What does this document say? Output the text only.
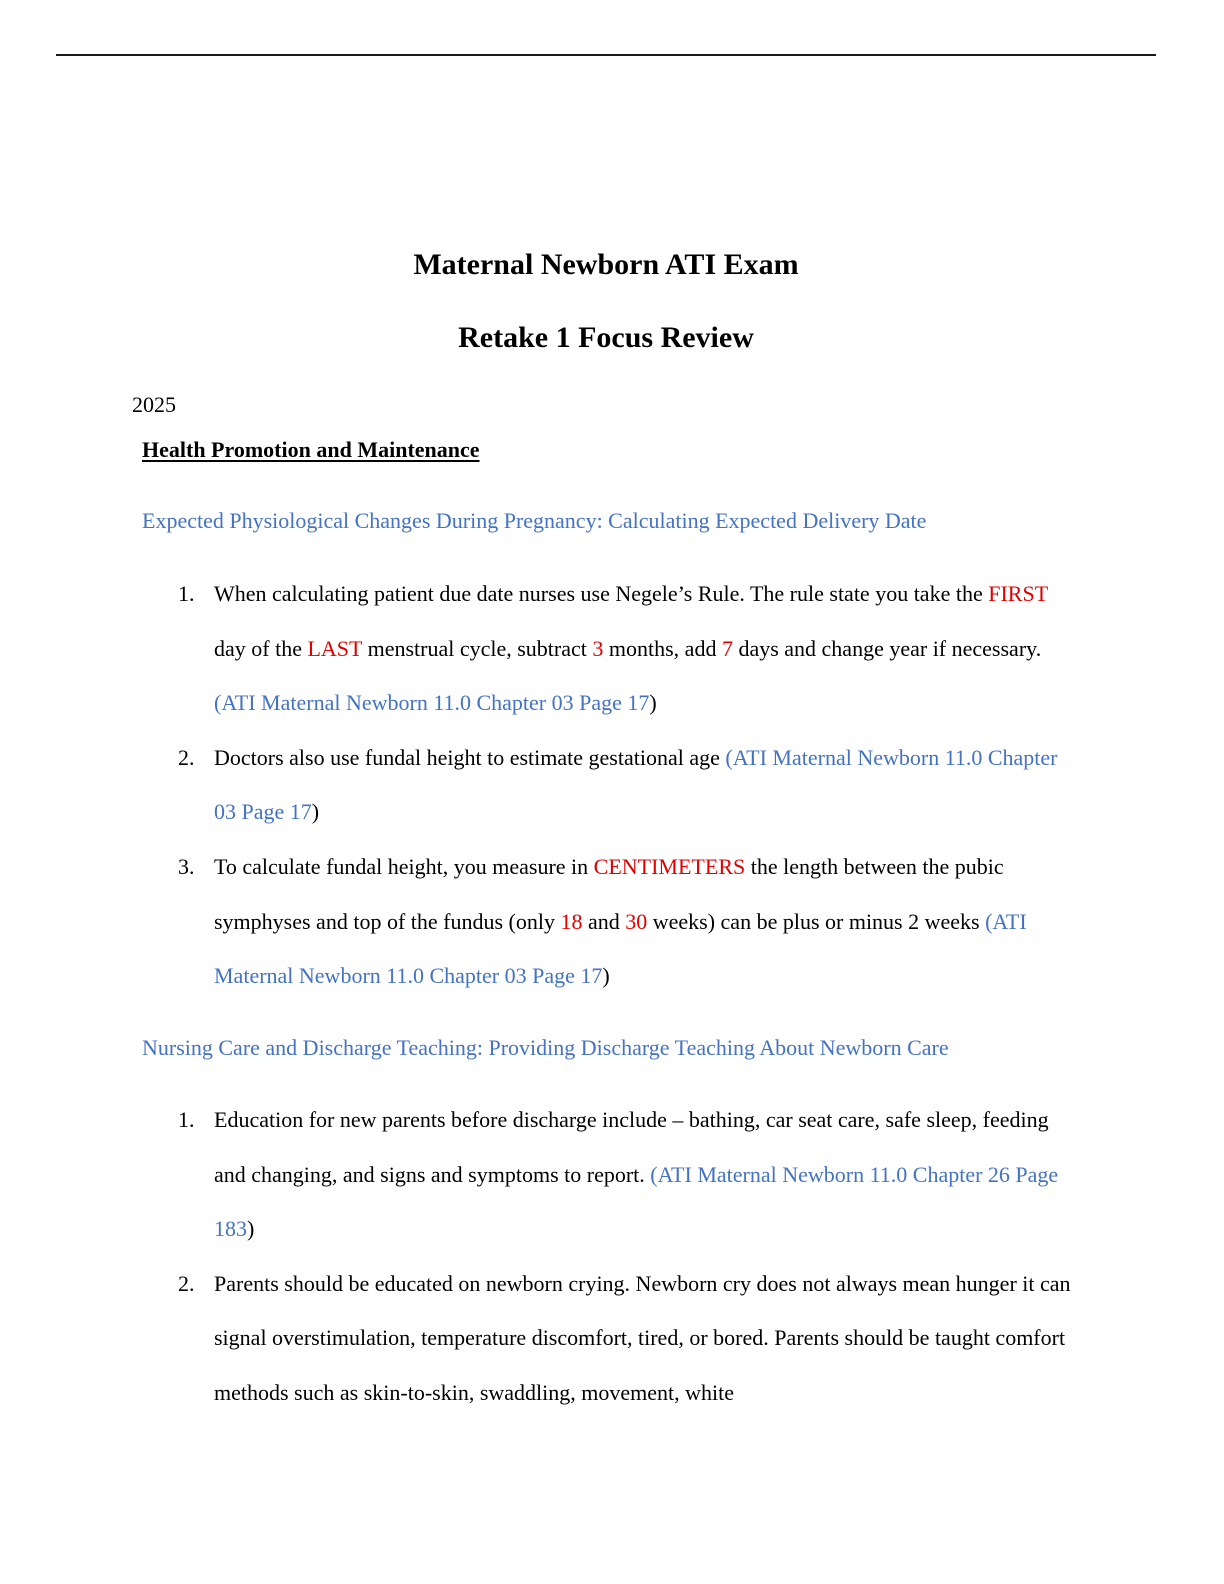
Maternal Newborn ATI Exam
Retake 1 Focus Review
2025
Health Promotion and Maintenance
Expected Physiological Changes During Pregnancy: Calculating Expected Delivery Date
1. When calculating patient due date nurses use Negele’s Rule. The rule state you take the FIRST day of the LAST menstrual cycle, subtract 3 months, add 7 days and change year if necessary. (ATI Maternal Newborn 11.0 Chapter 03 Page 17)
2. Doctors also use fundal height to estimate gestational age (ATI Maternal Newborn 11.0 Chapter 03 Page 17)
3. To calculate fundal height, you measure in CENTIMETERS the length between the pubic symphyses and top of the fundus (only 18 and 30 weeks) can be plus or minus 2 weeks (ATI Maternal Newborn 11.0 Chapter 03 Page 17)
Nursing Care and Discharge Teaching: Providing Discharge Teaching About Newborn Care
1. Education for new parents before discharge include – bathing, car seat care, safe sleep, feeding and changing, and signs and symptoms to report. (ATI Maternal Newborn 11.0 Chapter 26 Page 183)
2. Parents should be educated on newborn crying. Newborn cry does not always mean hunger it can signal overstimulation, temperature discomfort, tired, or bored. Parents should be taught comfort methods such as skin-to-skin, swaddling, movement, white
